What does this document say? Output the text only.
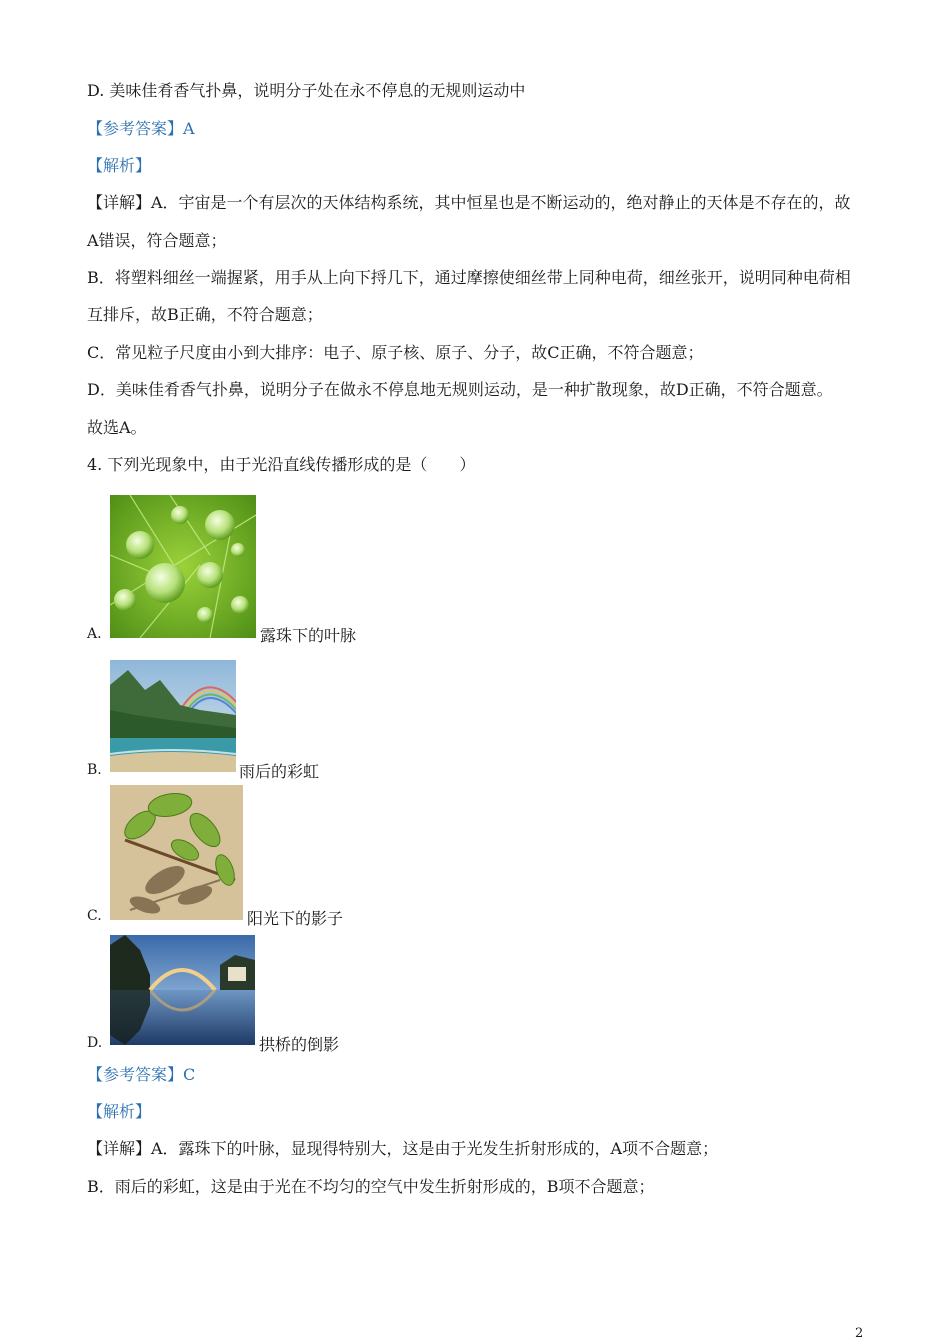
D. 美味佳肴香气扑鼻，说明分子处在永不停息的无规则运动中
【参考答案】A
【解析】
【详解】A．宇宙是一个有层次的天体结构系统，其中恒星也是不断运动的，绝对静止的天体是不存在的，故
A错误，符合题意；
B．将塑料细丝一端握紧，用手从上向下捋几下，通过摩擦使细丝带上同种电荷，细丝张开，说明同种电荷相
互排斥，故B正确，不符合题意；
C．常见粒子尺度由小到大排序：电子、原子核、原子、分子，故C正确，不符合题意；
D．美味佳肴香气扑鼻，说明分子在做永不停息地无规则运动，是一种扩散现象，故D正确，不符合题意。
故选A。
4. 下列光现象中，由于光沿直线传播形成的是（　　）
A.	露珠下的叶脉
B.	雨后的彩虹
C.	阳光下的影子
D.	拱桥的倒影
【参考答案】C
【解析】
【详解】A．露珠下的叶脉，显现得特别大，这是由于光发生折射形成的，A项不合题意；
B．雨后的彩虹，这是由于光在不均匀的空气中发生折射形成的，B项不合题意；
2
